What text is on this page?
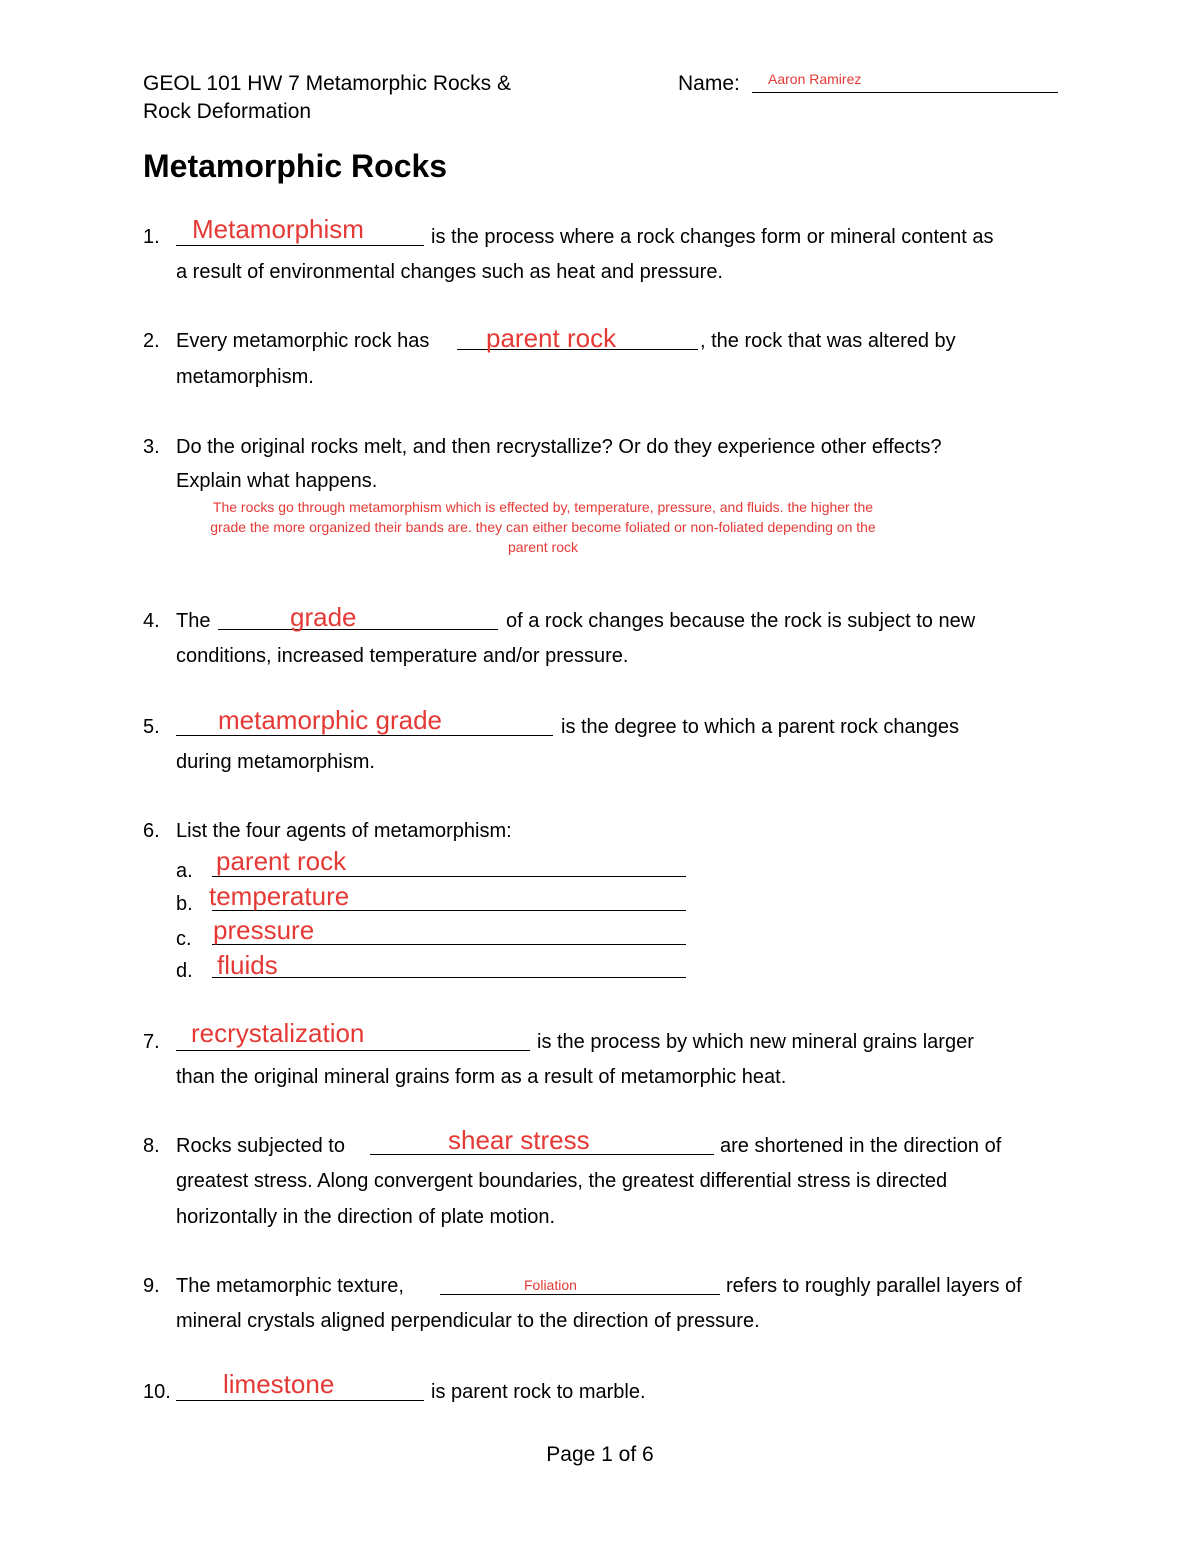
GEOL 101 HW 7 Metamorphic Rocks &
Rock Deformation
Name: Aaron Ramirez
Metamorphic Rocks
1. Metamorphism	is the process where a rock changes form or mineral content as
a result of environmental changes such as heat and pressure.
2. Every metamorphic rock has parent rock	, the rock that was altered by
metamorphism.
3. Do the original rocks melt, and then recrystallize? Or do they experience other effects?
Explain what happens.
The rocks go through metamorphism which is effected by, temperature, pressure, and fluids. the higher the
grade the more organized their bands are. they can either become foliated or non-foliated depending on the
parent rock
4. The	grade	of a rock changes because the rock is subject to new
conditions, increased temperature and/or pressure.
5. metamorphic grade	is the degree to which a parent rock changes
during metamorphism.
6. List the four agents of metamorphism:
a. parent rock
b. temperature
c. pressure
d. fluids
7. recrystalization	is the process by which new mineral grains larger
than the original mineral grains form as a result of metamorphic heat.
8. Rocks subjected to	shear stress	are shortened in the direction of
greatest stress. Along convergent boundaries, the greatest differential stress is directed
horizontally in the direction of plate motion.
9. The metamorphic texture,	Foliation	refers to roughly parallel layers of
mineral crystals aligned perpendicular to the direction of pressure.
10. limestone	is parent rock to marble.
Page 1 of 6
